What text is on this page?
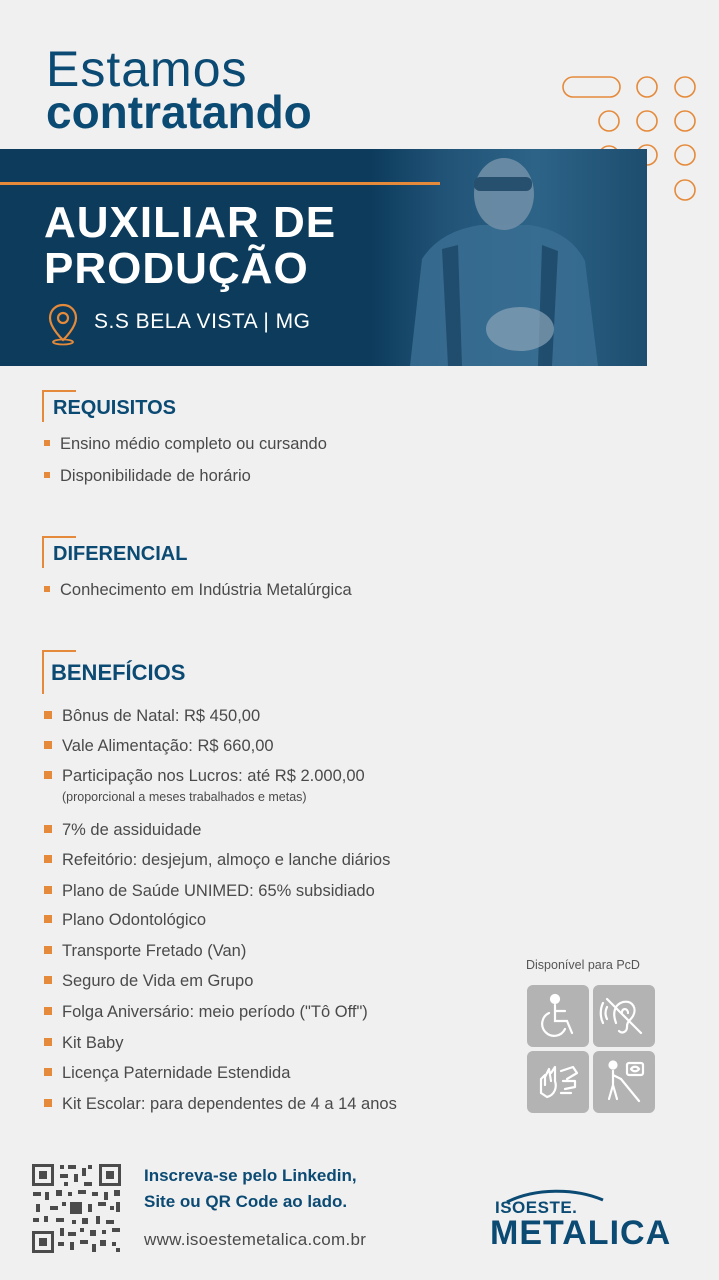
Estamos
contratando
AUXILIAR DE PRODUÇÃO
S.S BELA VISTA | MG
REQUISITOS
Ensino médio completo ou cursando
Disponibilidade de horário
DIFERENCIAL
Conhecimento em Indústria Metalúrgica
BENEFÍCIOS
Bônus de Natal: R$ 450,00
Vale Alimentação: R$ 660,00
Participação nos Lucros: até R$ 2.000,00
(proporcional a meses trabalhados e metas)
7% de assiduidade
Refeitório: desjejum, almoço e lanche diários
Plano de Saúde UNIMED: 65% subsidiado
Plano Odontológico
Transporte Fretado (Van)
Seguro de Vida em Grupo
Folga Aniversário: meio período ("Tô Off")
Kit Baby
Licença Paternidade Estendida
Kit Escolar: para dependentes de 4 a 14 anos
Disponível para PcD
Inscreva-se pelo Linkedin,
Site ou QR Code ao lado.
www.isoestemetalica.com.br
ISOESTE.
METALICA
